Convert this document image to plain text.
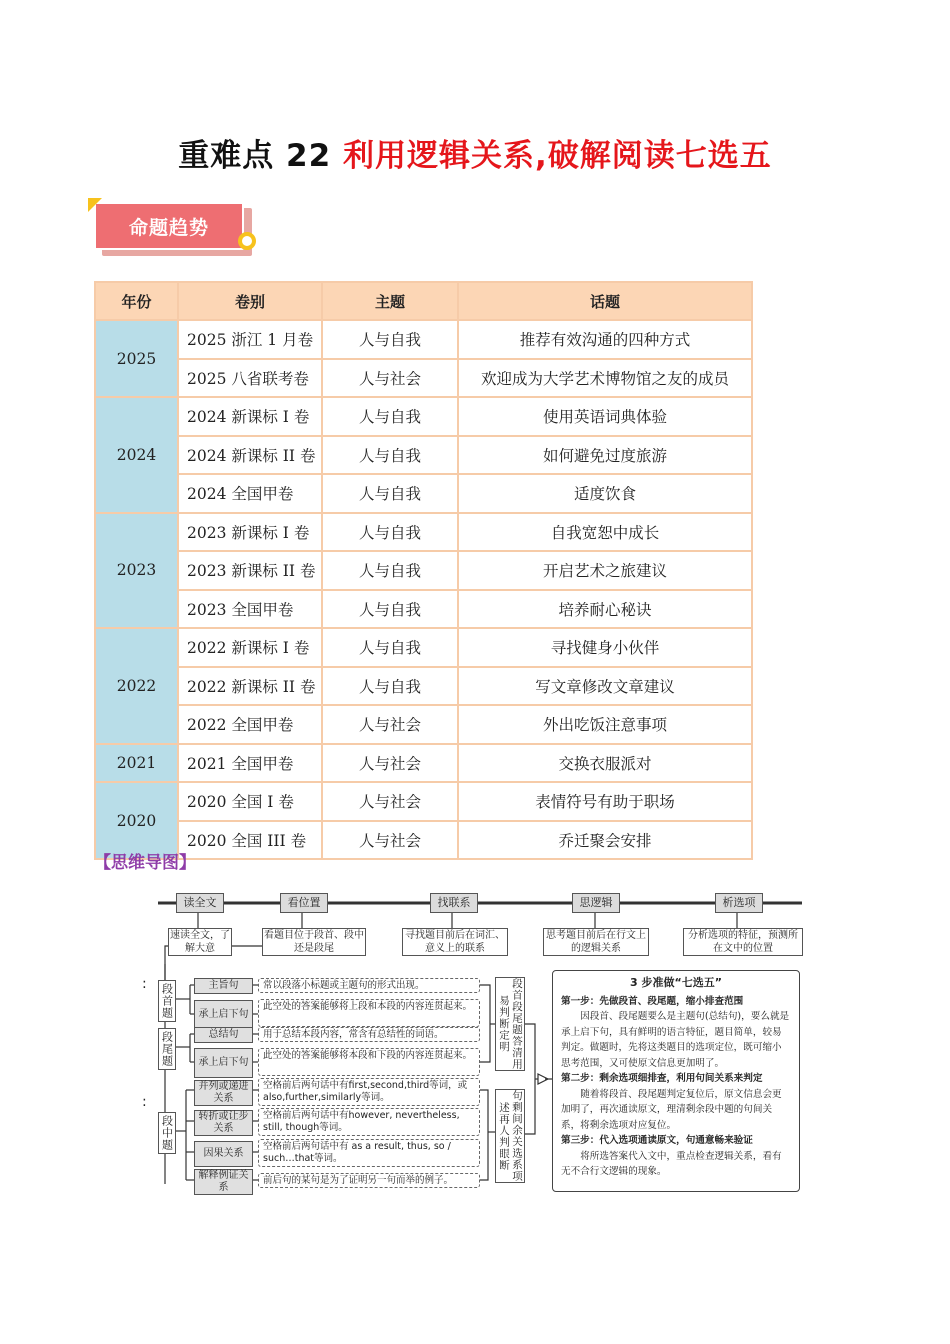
重难点 22 利用逻辑关系,破解阅读七选五
命题趋势
年份	卷别	主题	话题
2025	2025 浙江 1 月卷	人与自我	推荐有效沟通的四种方式
	2025 八省联考卷	人与社会	欢迎成为大学艺术博物馆之友的成员
2024	2024 新课标 I 卷	人与自我	使用英语词典体验
	2024 新课标 II 卷	人与自我	如何避免过度旅游
	2024 全国甲卷	人与自我	适度饮食
2023	2023 新课标 I 卷	人与自我	自我宽恕中成长
	2023 新课标 II 卷	人与自我	开启艺术之旅建议
	2023 全国甲卷	人与自我	培养耐心秘诀
2022	2022 新课标 I 卷	人与自我	寻找健身小伙伴
	2022 新课标 II 卷	人与自我	写文章修改文章建议
	2022 全国甲卷	人与社会	外出吃饭注意事项
2021	2021 全国甲卷	人与社会	交换衣服派对
2020	2020 全国 I 卷	人与社会	表情符号有助于职场
	2020 全国 III 卷	人与社会	乔迁聚会安排
【思维导图】
读全文	看位置	找联系	思逻辑	析选项
速读全文，了解大意
看题目位于段首、段中还是段尾
寻找题目前后在词汇、意义上的联系
思考题目前后在行文上的逻辑关系
分析选项的特征，预测所在文中的位置
:
:
段首题
段尾题
段中题
主旨句
承上启下句
总结句
承上启下句
并列或递进关系
转折或让步关系
因果关系
解释例证关系
常以段落小标题或主题句的形式出现。
此空处的答案能够将上段和本段的内容连贯起来。
用于总结本段内容，常含有总结性的词语。
此空处的答案能够将本段和下段的内容连贯起来。
空格前后两句话中有first,second,third等词，或also,further,similarly等词。
空格前后两句话中有however, nevertheless, still, though等词。
空格前后两句话中有 as a result, thus, so / such…that等词。
前后句的某句是为了证明另一句而举的例子。
段首段尾题答清用易判断定明
句剩间余关选系项述再人判眼断
3 步准做“七选五”
第一步：先做段首、段尾题，缩小排查范围
因段首、段尾题要么是主题句(总结句)，要么就是承上启下句，具有鲜明的语言特征，题目简单，较易判定。做题时，先将这类题目的选项定位，既可缩小思考范围，又可使原文信息更加明了。
第二步：剩余选项细排查，利用句间关系来判定
随着将段首、段尾题判定复位后，原文信息会更加明了，再次通读原文，理清剩余段中题的句间关系，将剩余选项对应复位。
第三步：代入选项通读原文，句通意畅来验证
将所选答案代入文中，重点检查逻辑关系，看有无不合行文逻辑的现象。
